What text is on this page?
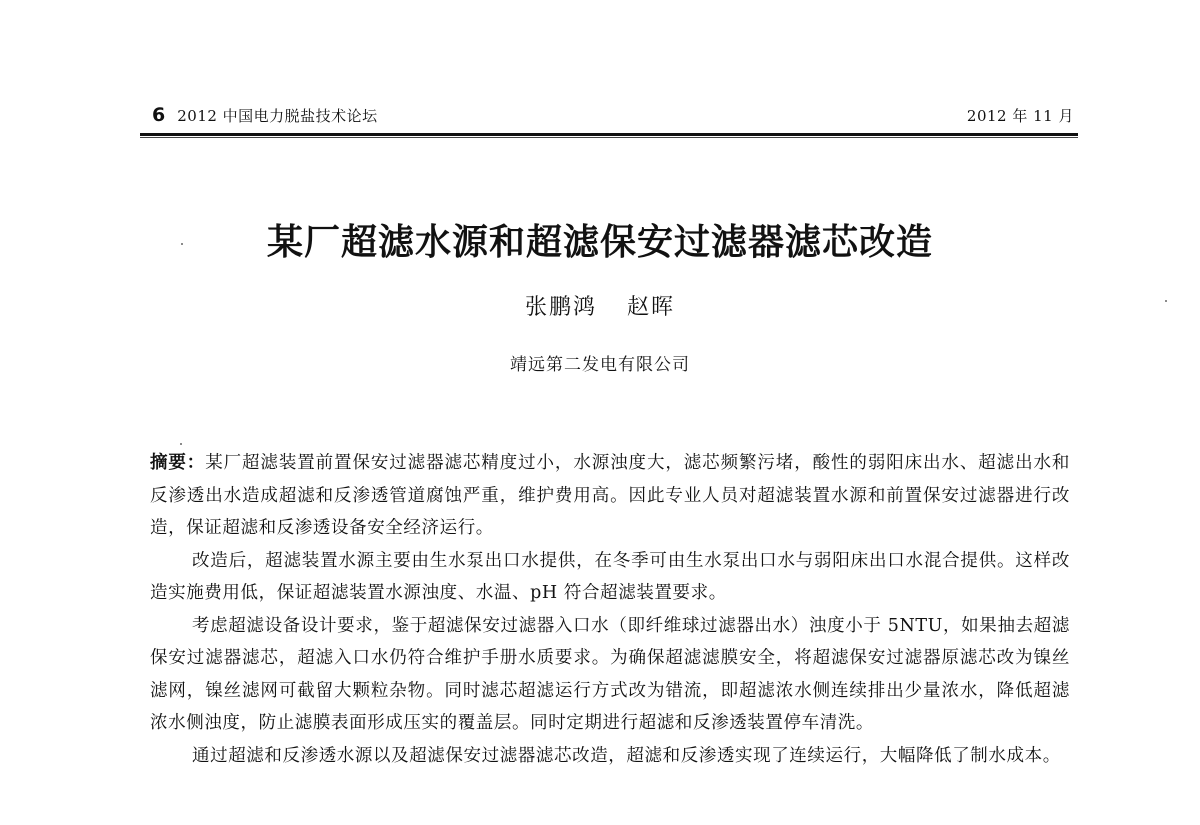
6 2012 中国电力脱盐技术论坛	2012 年 11 月
某厂超滤水源和超滤保安过滤器滤芯改造
张鹏鸿 赵晖
靖远第二发电有限公司

摘要：某厂超滤装置前置保安过滤器滤芯精度过小，水源浊度大，滤芯频繁污堵，酸性的弱阳床出水、超滤出水和反渗透出水造成超滤和反渗透管道腐蚀严重，维护费用高。因此专业人员对超滤装置水源和前置保安过滤器进行改造，保证超滤和反渗透设备安全经济运行。

改造后，超滤装置水源主要由生水泵出口水提供，在冬季可由生水泵出口水与弱阳床出口水混合提供。这样改造实施费用低，保证超滤装置水源浊度、水温、pH 符合超滤装置要求。

考虑超滤设备设计要求，鉴于超滤保安过滤器入口水（即纤维球过滤器出水）浊度小于 5NTU，如果抽去超滤保安过滤器滤芯，超滤入口水仍符合维护手册水质要求。为确保超滤滤膜安全，将超滤保安过滤器原滤芯改为镍丝滤网，镍丝滤网可截留大颗粒杂物。同时滤芯超滤运行方式改为错流，即超滤浓水侧连续排出少量浓水，降低超滤浓水侧浊度，防止滤膜表面形成压实的覆盖层。同时定期进行超滤和反渗透装置停车清洗。

通过超滤和反渗透水源以及超滤保安过滤器滤芯改造，超滤和反渗透实现了连续运行，大幅降低了制水成本。
